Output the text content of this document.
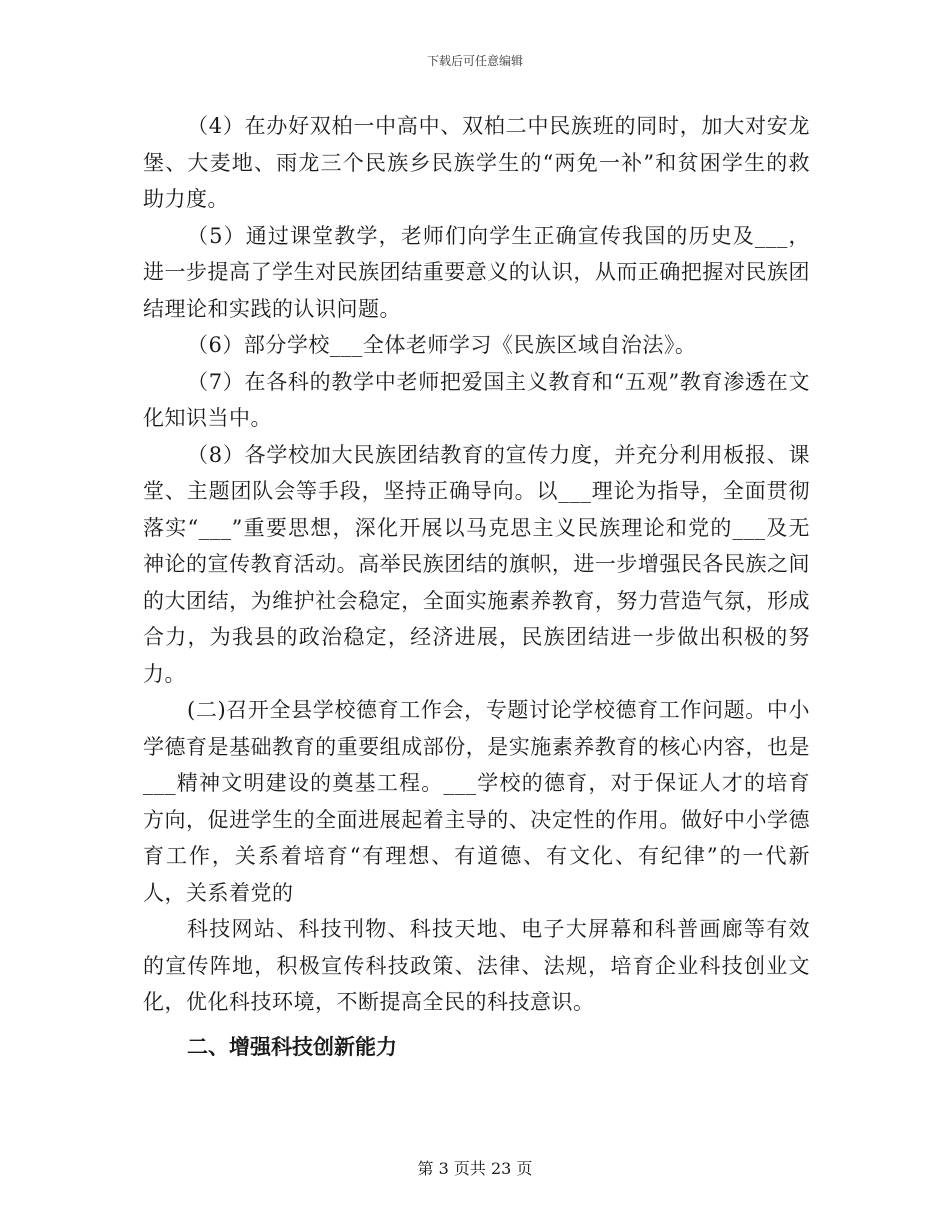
下载后可任意编辑

（4）在办好双柏一中高中、双柏二中民族班的同时，加大对安龙堡、大麦地、雨龙三个民族乡民族学生的“两免一补”和贫困学生的救助力度。

（5）通过课堂教学，老师们向学生正确宣传我国的历史及___，进一步提高了学生对民族团结重要意义的认识，从而正确把握对民族团结理论和实践的认识问题。

（6）部分学校___全体老师学习《民族区域自治法》。

（7）在各科的教学中老师把爱国主义教育和“五观”教育渗透在文化知识当中。

（8）各学校加大民族团结教育的宣传力度，并充分利用板报、课堂、主题团队会等手段，坚持正确导向。以___理论为指导，全面贯彻落实“___”重要思想，深化开展以马克思主义民族理论和党的___及无神论的宣传教育活动。高举民族团结的旗帜，进一步增强民各民族之间的大团结，为维护社会稳定，全面实施素养教育，努力营造气氛，形成合力，为我县的政治稳定，经济进展，民族团结进一步做出积极的努力。

(二)召开全县学校德育工作会，专题讨论学校德育工作问题。中小学德育是基础教育的重要组成部份，是实施素养教育的核心内容，也是___精神文明建设的奠基工程。___学校的德育，对于保证人才的培育方向，促进学生的全面进展起着主导的、决定性的作用。做好中小学德育工作，关系着培育“有理想、有道德、有文化、有纪律”的一代新人，关系着党的

科技网站、科技刊物、科技天地、电子大屏幕和科普画廊等有效的宣传阵地，积极宣传科技政策、法律、法规，培育企业科技创业文化，优化科技环境，不断提高全民的科技意识。

二、增强科技创新能力

第 3 页共 23 页
